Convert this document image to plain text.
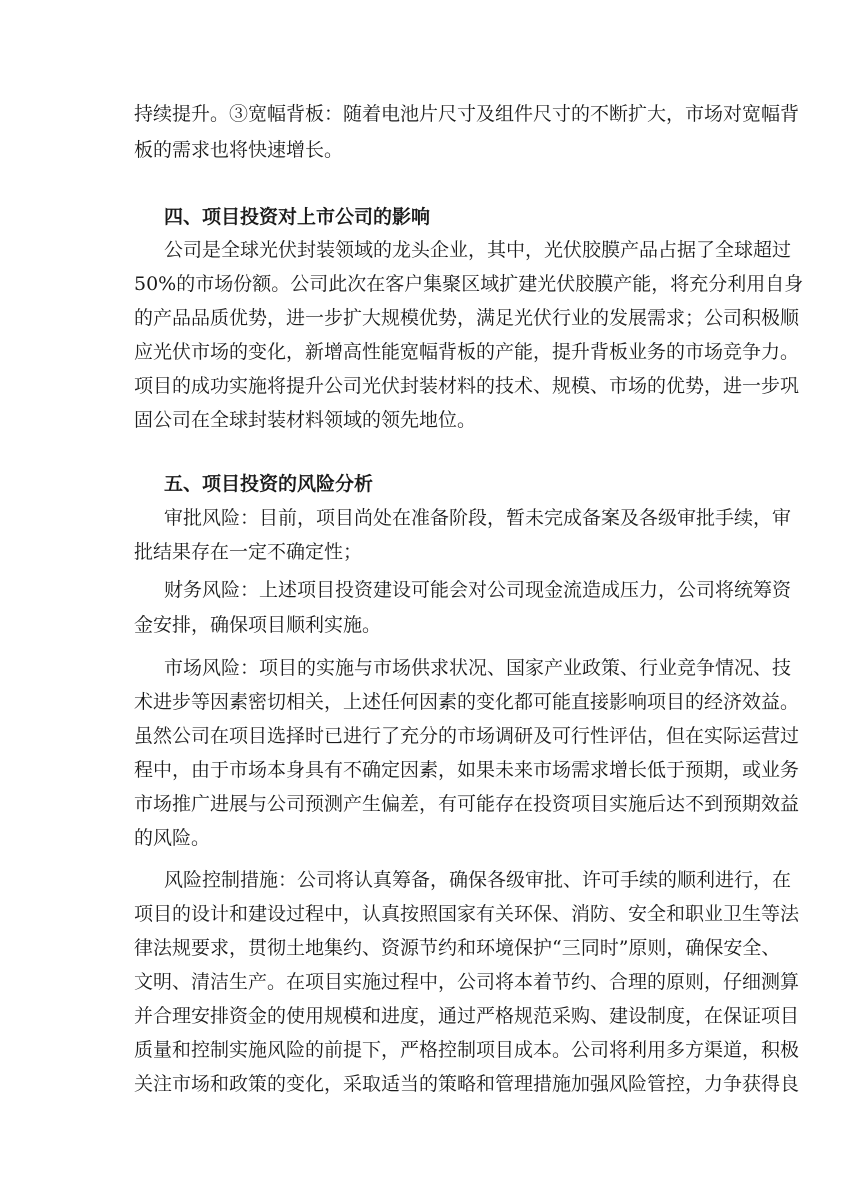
持续提升。③宽幅背板：随着电池片尺寸及组件尺寸的不断扩大，市场对宽幅背
板的需求也将快速增长。
四、项目投资对上市公司的影响
公司是全球光伏封装领域的龙头企业，其中，光伏胶膜产品占据了全球超过
50%的市场份额。公司此次在客户集聚区域扩建光伏胶膜产能，将充分利用自身
的产品品质优势，进一步扩大规模优势，满足光伏行业的发展需求；公司积极顺
应光伏市场的变化，新增高性能宽幅背板的产能，提升背板业务的市场竞争力。
项目的成功实施将提升公司光伏封装材料的技术、规模、市场的优势，进一步巩
固公司在全球封装材料领域的领先地位。
五、项目投资的风险分析
审批风险：目前，项目尚处在准备阶段，暂未完成备案及各级审批手续，审
批结果存在一定不确定性；
财务风险：上述项目投资建设可能会对公司现金流造成压力，公司将统筹资
金安排，确保项目顺利实施。
市场风险：项目的实施与市场供求状况、国家产业政策、行业竞争情况、技
术进步等因素密切相关，上述任何因素的变化都可能直接影响项目的经济效益。
虽然公司在项目选择时已进行了充分的市场调研及可行性评估，但在实际运营过
程中，由于市场本身具有不确定因素，如果未来市场需求增长低于预期，或业务
市场推广进展与公司预测产生偏差，有可能存在投资项目实施后达不到预期效益
的风险。
风险控制措施：公司将认真筹备，确保各级审批、许可手续的顺利进行，在
项目的设计和建设过程中，认真按照国家有关环保、消防、安全和职业卫生等法
律法规要求，贯彻土地集约、资源节约和环境保护“三同时”原则，确保安全、
文明、清洁生产。在项目实施过程中，公司将本着节约、合理的原则，仔细测算
并合理安排资金的使用规模和进度，通过严格规范采购、建设制度，在保证项目
质量和控制实施风险的前提下，严格控制项目成本。公司将利用多方渠道，积极
关注市场和政策的变化，采取适当的策略和管理措施加强风险管控，力争获得良
